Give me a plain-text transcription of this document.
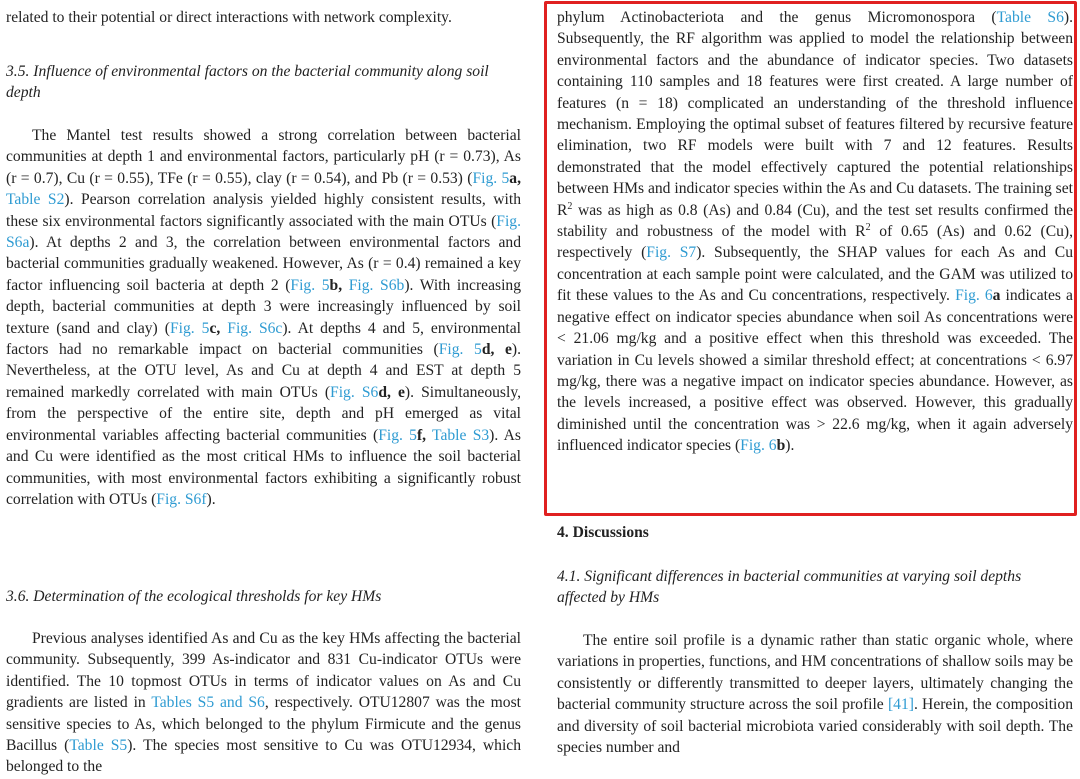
related to their potential or direct interactions with network complexity.

3.5. Influence of environmental factors on the bacterial community along soil depth

The Mantel test results showed a strong correlation between bacterial communities at depth 1 and environmental factors, particularly pH (r = 0.73), As (r = 0.7), Cu (r = 0.55), TFe (r = 0.55), clay (r = 0.54), and Pb (r = 0.53) (Fig. 5a, Table S2). Pearson correlation analysis yielded highly consistent results, with these six environmental factors significantly associated with the main OTUs (Fig. S6a). At depths 2 and 3, the correlation between environmental factors and bacterial communities gradually weakened. However, As (r = 0.4) remained a key factor influencing soil bacteria at depth 2 (Fig. 5b, Fig. S6b). With increasing depth, bacterial communities at depth 3 were increasingly influenced by soil texture (sand and clay) (Fig. 5c, Fig. S6c). At depths 4 and 5, environmental factors had no remarkable impact on bacterial communities (Fig. 5d, e). Nevertheless, at the OTU level, As and Cu at depth 4 and EST at depth 5 remained markedly correlated with main OTUs (Fig. S6d, e). Simultaneously, from the perspective of the entire site, depth and pH emerged as vital environmental variables affecting bacterial communities (Fig. 5f, Table S3). As and Cu were identified as the most critical HMs to influence the soil bacterial communities, with most environmental factors exhibiting a significantly robust correlation with OTUs (Fig. S6f).

3.6. Determination of the ecological thresholds for key HMs

Previous analyses identified As and Cu as the key HMs affecting the bacterial community. Subsequently, 399 As-indicator and 831 Cu-indicator OTUs were identified. The 10 topmost OTUs in terms of indicator values on As and Cu gradients are listed in Tables S5 and S6, respectively. OTU12807 was the most sensitive species to As, which belonged to the phylum Firmicute and the genus Bacillus (Table S5). The species most sensitive to Cu was OTU12934, which belonged to the

phylum Actinobacteriota and the genus Micromonospora (Table S6). Subsequently, the RF algorithm was applied to model the relationship between environmental factors and the abundance of indicator species. Two datasets containing 110 samples and 18 features were first created. A large number of features (n = 18) complicated an understanding of the threshold influence mechanism. Employing the optimal subset of features filtered by recursive feature elimination, two RF models were built with 7 and 12 features. Results demonstrated that the model effectively captured the potential relationships between HMs and indicator species within the As and Cu datasets. The training set $R^2$ was as high as 0.8 (As) and 0.84 (Cu), and the test set results confirmed the stability and robustness of the model with $R^2$ of 0.65 (As) and 0.62 (Cu), respectively (Fig. S7). Subsequently, the SHAP values for each As and Cu concentration at each sample point were calculated, and the GAM was utilized to fit these values to the As and Cu concentrations, respectively. Fig. 6a indicates a negative effect on indicator species abundance when soil As concentrations were < 21.06 mg/kg and a positive effect when this threshold was exceeded. The variation in Cu levels showed a similar threshold effect; at concentrations < 6.97 mg/kg, there was a negative impact on indicator species abundance. However, as the levels increased, a positive effect was observed. However, this gradually diminished until the concentration was > 22.6 mg/kg, when it again adversely influenced indicator species (Fig. 6b).

4. Discussions

4.1. Significant differences in bacterial communities at varying soil depths affected by HMs

The entire soil profile is a dynamic rather than static organic whole, where variations in properties, functions, and HM concentrations of shallow soils may be consistently or differently transmitted to deeper layers, ultimately changing the bacterial community structure across the soil profile [41]. Herein, the composition and diversity of soil bacterial microbiota varied considerably with soil depth. The species number and
